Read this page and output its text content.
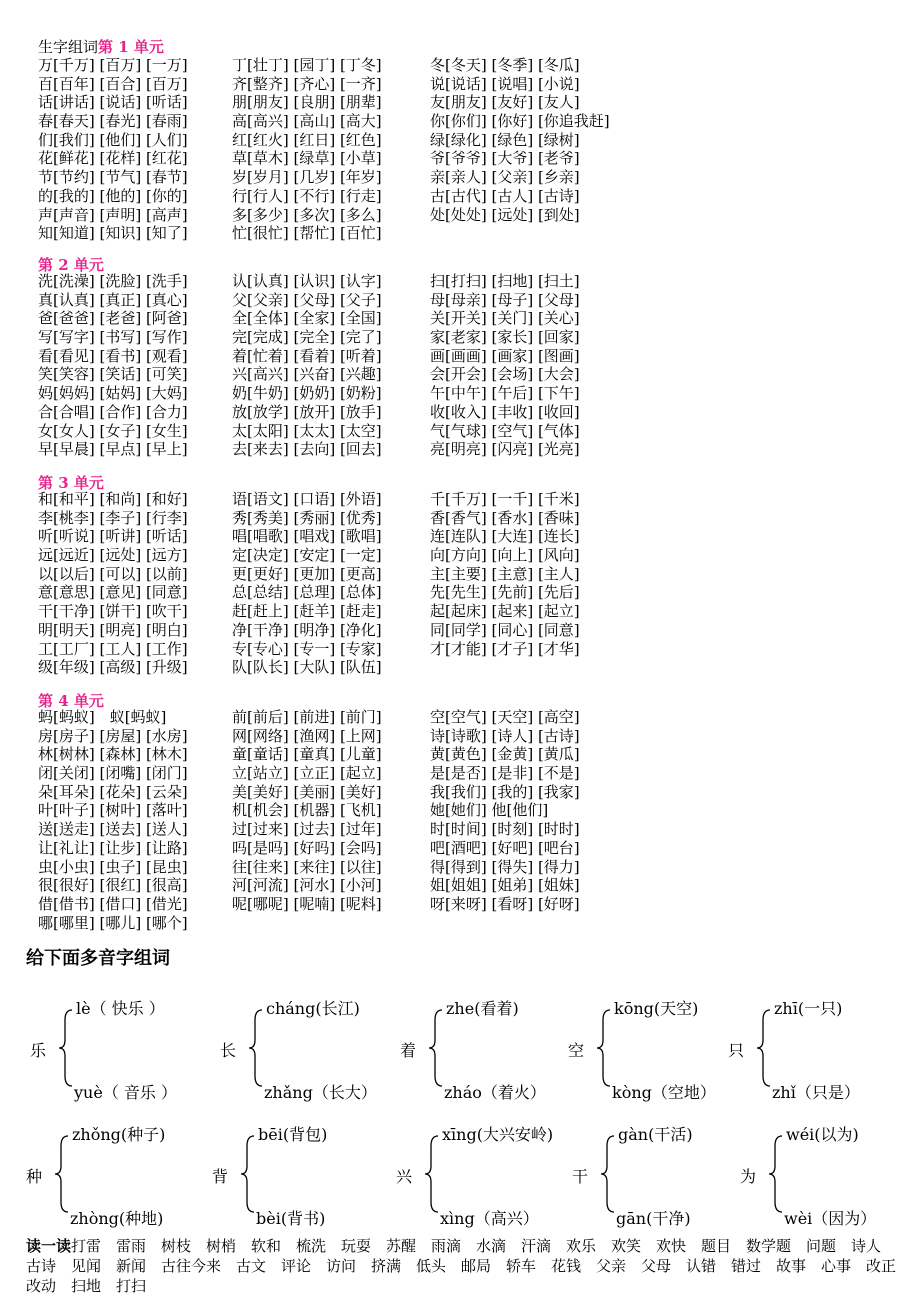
生字组词第 1 单元
万[千万] [百万] [一万]	丁[壮丁] [园丁] [丁冬]	冬[冬天] [冬季] [冬瓜]
百[百年] [百合] [百万]	齐[整齐] [齐心] [一齐]	说[说话] [说唱] [小说]
话[讲话] [说话] [听话]	朋[朋友] [良朋] [朋辈]	友[朋友] [友好] [友人]
春[春天] [春光] [春雨]	高[高兴] [高山] [高大]	你[你们] [你好] [你追我赶]
们[我们] [他们] [人们]	红[红火] [红日] [红色]	绿[绿化] [绿色] [绿树]
花[鲜花] [花样] [红花]	草[草木] [绿草] [小草]	爷[爷爷] [大爷] [老爷]
节[节约] [节气] [春节]	岁[岁月] [几岁] [年岁]	亲[亲人] [父亲] [乡亲]
的[我的] [他的] [你的]	行[行人] [不行] [行走]	古[古代] [古人] [古诗]
声[声音] [声明] [高声]	多[多少] [多次] [多么]	处[处处] [远处] [到处]
知[知道] [知识] [知了]	忙[很忙] [帮忙] [百忙]
第 2 单元
洗[洗澡] [洗脸] [洗手]	认[认真] [认识] [认字]	扫[打扫] [扫地] [扫土]
真[认真] [真正] [真心]	父[父亲] [父母] [父子]	母[母亲] [母子] [父母]
爸[爸爸] [老爸] [阿爸]	全[全体] [全家] [全国]	关[开关] [关门] [关心]
写[写字] [书写] [写作]	完[完成] [完全] [完了]	家[老家] [家长] [回家]
看[看见] [看书] [观看]	着[忙着] [看着] [听着]	画[画画] [画家] [图画]
笑[笑容] [笑话] [可笑]	兴[高兴] [兴奋] [兴趣]	会[开会] [会场] [大会]
妈[妈妈] [姑妈] [大妈]	奶[牛奶] [奶奶] [奶粉]	午[中午] [午后] [下午]
合[合唱] [合作] [合力]	放[放学] [放开] [放手]	收[收入] [丰收] [收回]
女[女人] [女子] [女生]	太[太阳] [太太] [太空]	气[气球] [空气] [气体]
早[早晨] [早点] [早上]	去[来去] [去向] [回去]	亮[明亮] [闪亮] [光亮]
第 3 单元
和[和平] [和尚] [和好]	语[语文] [口语] [外语]	千[千万] [一千] [千米]
李[桃李] [李子] [行李]	秀[秀美] [秀丽] [优秀]	香[香气] [香水] [香味]
听[听说] [听讲] [听话]	唱[唱歌] [唱戏] [歌唱]	连[连队] [大连] [连长]
远[远近] [远处] [远方]	定[决定] [安定] [一定]	向[方向] [向上] [风向]
以[以后] [可以] [以前]	更[更好] [更加] [更高]	主[主要] [主意] [主人]
意[意思] [意见] [同意]	总[总结] [总理] [总体]	先[先生] [先前] [先后]
干[干净] [饼干] [吹干]	赶[赶上] [赶羊] [赶走]	起[起床] [起来] [起立]
明[明天] [明亮] [明白]	净[干净] [明净] [净化]	同[同学] [同心] [同意]
工[工厂] [工人] [工作]	专[专心] [专一] [专家]	才[才能] [才子] [才华]
级[年级] [高级] [升级]	队[队长] [大队] [队伍]
第 4 单元
蚂[蚂蚁]　蚁[蚂蚁]	前[前后] [前进] [前门]	空[空气] [天空] [高空]
房[房子] [房屋] [水房]	网[网络] [渔网] [上网]	诗[诗歌] [诗人] [古诗]
林[树林] [森林] [林木]	童[童话] [童真] [儿童]	黄[黄色] [金黄] [黄瓜]
闭[关闭] [闭嘴] [闭门]	立[站立] [立正] [起立]	是[是否] [是非] [不是]
朵[耳朵] [花朵] [云朵]	美[美好] [美丽] [美好]	我[我们] [我的] [我家]
叶[叶子] [树叶] [落叶]	机[机会] [机器] [飞机]	她[她们] 他[他们]
送[送走] [送去] [送人]	过[过来] [过去] [过年]	时[时间] [时刻] [时时]
让[礼让] [让步] [让路]	吗[是吗] [好吗] [会吗]	吧[酒吧] [好吧] [吧台]
虫[小虫] [虫子] [昆虫]	往[往来] [来往] [以往]	得[得到] [得失] [得力]
很[很好] [很红] [很高]	河[河流] [河水] [小河]	姐[姐姐] [姐弟] [姐妹]
借[借书] [借口] [借光]	呢[哪呢] [呢喃] [呢料]	呀[来呀] [看呀] [好呀]
哪[哪里] [哪儿] [哪个]
给下面多音字组词
乐
lè（ 快乐 ）
yuè（ 音乐 ）
长
cháng(长江)
zhǎng（长大）
着
zhe(看着)
zháo（着火）
空
kōng(天空)
kòng（空地）
只
zhī(一只)
zhǐ（只是）
种
zhǒng(种子)
zhòng(种地)
背
bēi(背包)
bèi(背书)
兴
xīng(大兴安岭)
xìng（高兴）
干
gàn(干活)
gān(干净)
为
wéi(以为)
wèi（因为）
读一读打雷　雷雨　树枝　树梢　软和　梳洗　玩耍　苏醒　雨滴　水滴　汗滴　欢乐　欢笑　欢快　题目　数学题　问题　诗人　古诗　见闻　新闻　古往今来　古文　评论　访问　挤满　低头　邮局　轿车　花钱　父亲　父母　认错　错过　故事　心事　改正　改动　扫地　打扫
